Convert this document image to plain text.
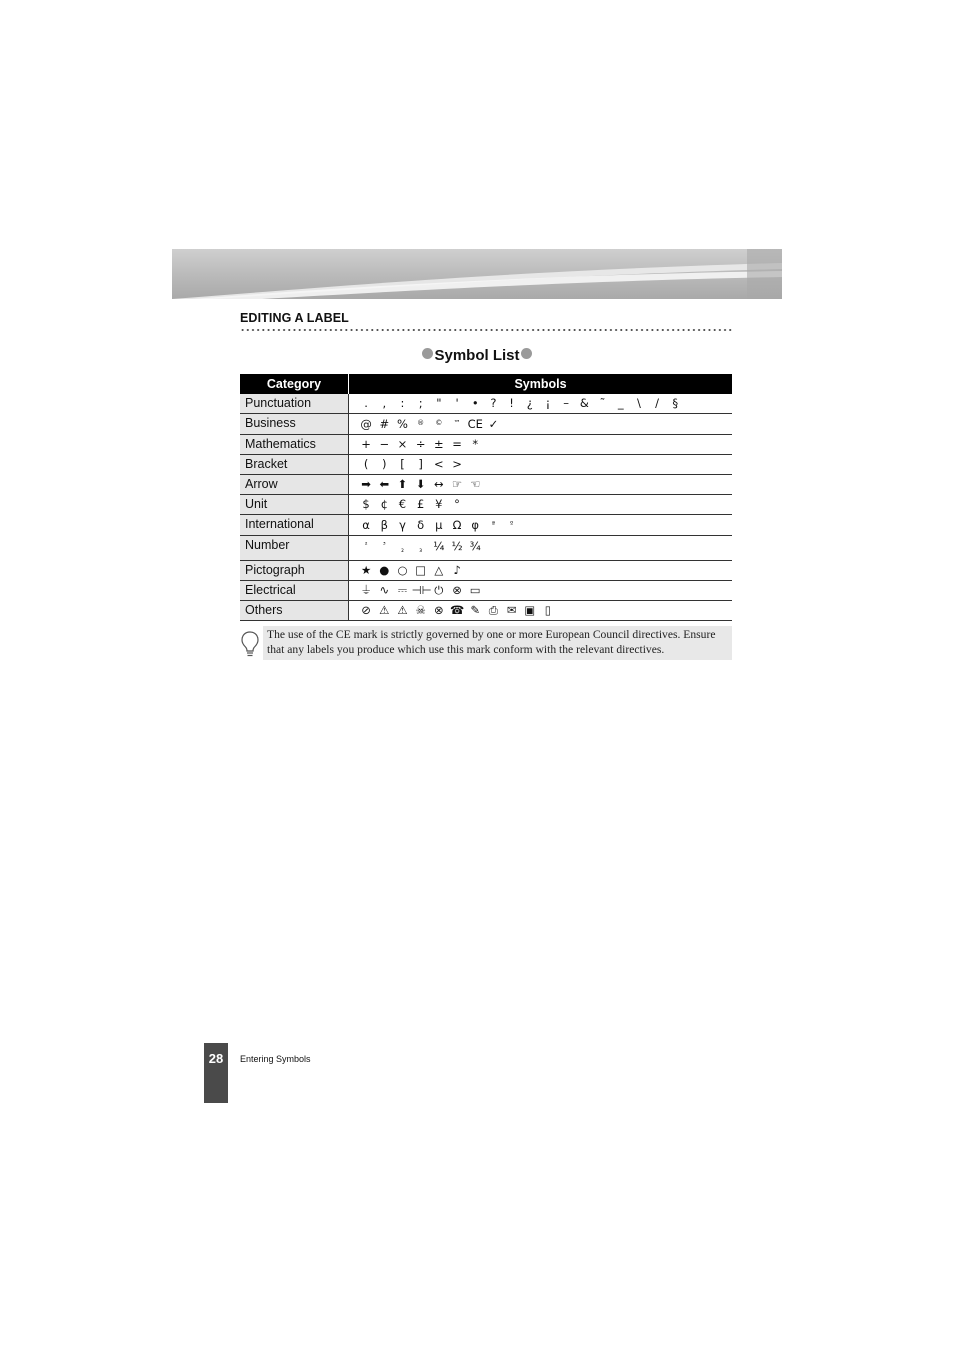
EDITING A LABEL
Symbol List
Category	Symbols
Punctuation	. , : ; " ' • ? ! ¿ ¡ – & ˜ _ \ / §
Business	@ # % ® © ™ CE ✓
Mathematics	+ − × ÷ ± = *
Bracket	( ) [ ] < >
Arrow	➡ ⬅ ⬆ ⬇ ↔ ☞ ☜
Unit	$ ¢ € £ ¥ °
International	α β γ δ μ Ω φ ª º
Number	² ³₂ ₃ ¼ ½ ¾
Pictograph	★ ● ○ □ △ ♪
Electrical	⏚ ∿ ⎓ ⊣⊢ ⏻ ⊗ ▭
Others	⊘ ⚠ ⚠ ☠ ⊗ ☎ ✎ ⎙ ✉ ▣ ▯
The use of the CE mark is strictly governed by one or more European Council directives. Ensure that any labels you produce which use this mark conform with the relevant directives.
28	Entering Symbols
